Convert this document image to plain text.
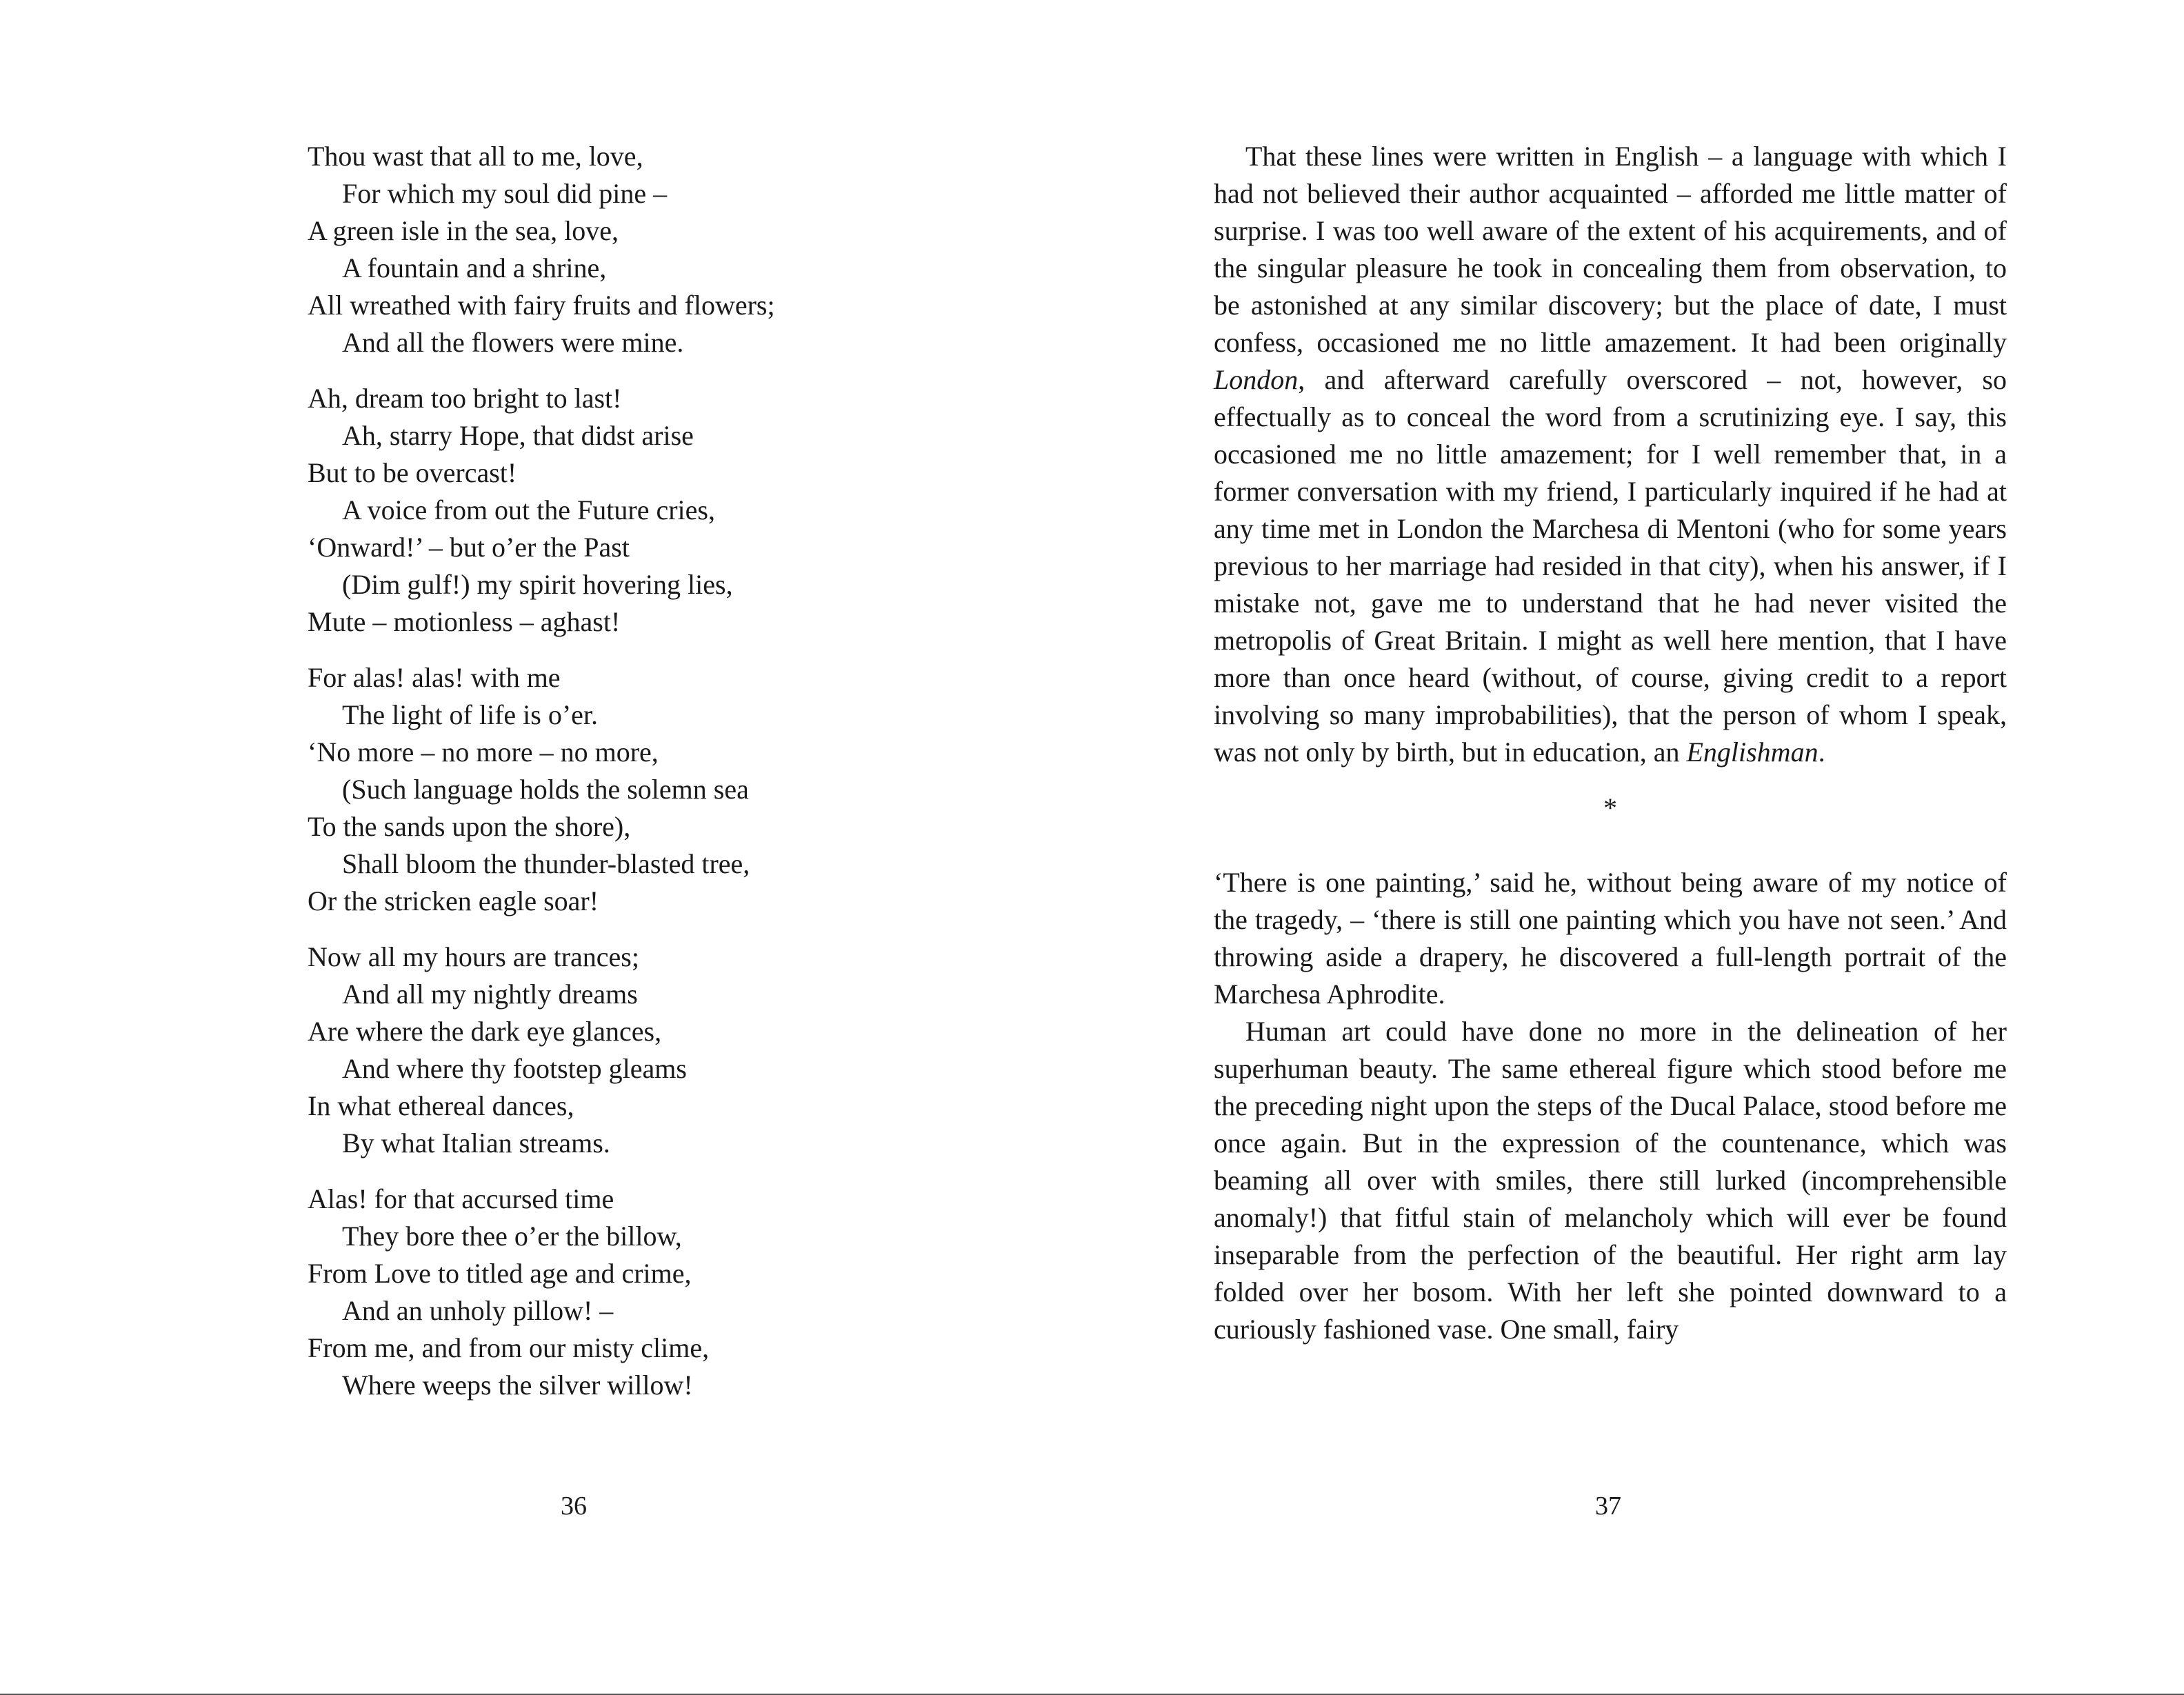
Thou wast that all to me, love,
For which my soul did pine –
A green isle in the sea, love,
A fountain and a shrine,
All wreathed with fairy fruits and flowers;
And all the flowers were mine.
Ah, dream too bright to last!
Ah, starry Hope, that didst arise
But to be overcast!
A voice from out the Future cries,
‘Onward!’ – but o’er the Past
(Dim gulf!) my spirit hovering lies,
Mute – motionless – aghast!
For alas! alas! with me
The light of life is o’er.
‘No more – no more – no more,
(Such language holds the solemn sea
To the sands upon the shore),
Shall bloom the thunder-blasted tree,
Or the stricken eagle soar!
Now all my hours are trances;
And all my nightly dreams
Are where the dark eye glances,
And where thy footstep gleams
In what ethereal dances,
By what Italian streams.
Alas! for that accursed time
They bore thee o’er the billow,
From Love to titled age and crime,
And an unholy pillow! –
From me, and from our misty clime,
Where weeps the silver willow!
36

That these lines were written in English – a language with which I had not believed their author acquainted – afforded me little matter of surprise. I was too well aware of the extent of his acquirements, and of the singular pleasure he took in concealing them from observation, to be astonished at any similar discovery; but the place of date, I must confess, occasioned me no little amazement. It had been originally London, and afterward carefully overscored – not, however, so effectually as to conceal the word from a scrutinizing eye. I say, this occasioned me no little amazement; for I well remember that, in a former conversation with my friend, I particularly inquired if he had at any time met in London the Marchesa di Mentoni (who for some years previous to her marriage had resided in that city), when his answer, if I mistake not, gave me to understand that he had never visited the metropolis of Great Britain. I might as well here mention, that I have more than once heard (without, of course, giving credit to a report involving so many improbabilities), that the person of whom I speak, was not only by birth, but in education, an Englishman.

*

‘There is one painting,’ said he, without being aware of my notice of the tragedy, – ‘there is still one painting which you have not seen.’ And throwing aside a drapery, he discovered a full-length portrait of the Marchesa Aphrodite.

Human art could have done no more in the delineation of her superhuman beauty. The same ethereal figure which stood before me the preceding night upon the steps of the Ducal Palace, stood before me once again. But in the expression of the countenance, which was beaming all over with smiles, there still lurked (incomprehensible anomaly!) that fitful stain of melancholy which will ever be found inseparable from the perfection of the beautiful. Her right arm lay folded over her bosom. With her left she pointed downward to a curiously fashioned vase. One small, fairy

37
